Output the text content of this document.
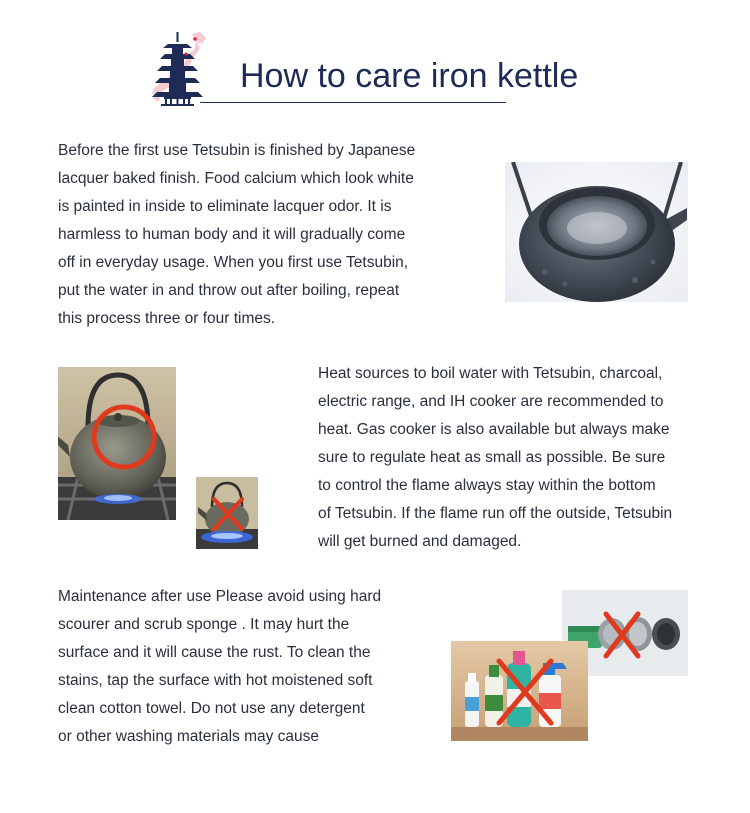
How to care iron kettle
Before the first use Tetsubin is finished by Japanese
lacquer baked finish. Food calcium which look white
is painted in inside to eliminate lacquer odor. It is
harmless to human body and it will gradually come
off in everyday usage. When you first use Tetsubin,
put the water in and throw out after boiling, repeat
this process three or four times.
Heat sources to boil water with Tetsubin, charcoal,
electric range, and IH cooker are recommended to
heat. Gas cooker is also available but always make
sure to regulate heat as small as possible. Be sure
to control the flame always stay within the bottom
of Tetsubin. If the flame run off the outside, Tetsubin
will get burned and damaged.
Maintenance after use Please avoid using hard
scourer and scrub sponge . It may hurt the
surface and it will cause the rust. To clean the
stains, tap the surface with hot moistened soft
clean cotton towel. Do not use any detergent
or other washing materials may cause
